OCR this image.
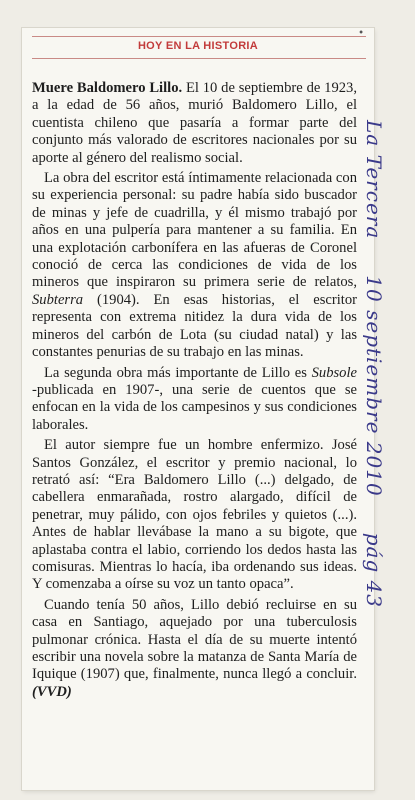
HOY EN LA HISTORIA
•

Muere Baldomero Lillo. El 10 de septiembre de 1923, a la edad de 56 años, murió Baldomero Lillo, el cuentista chileno que pasaría a formar parte del conjunto más valorado de escritores nacionales por su aporte al género del realismo social.

La obra del escritor está íntimamente relacionada con su experiencia personal: su padre había sido buscador de minas y jefe de cuadrilla, y él mismo trabajó por años en una pulpería para mantener a su familia. En una explotación carbonífera en las afueras de Coronel conoció de cerca las condiciones de vida de los mineros que inspiraron su primera serie de relatos, Subterra (1904). En esas historias, el escritor representa con extrema nitidez la dura vida de los mineros del carbón de Lota (su ciudad natal) y las constantes penurias de su trabajo en las minas.

La segunda obra más importante de Lillo es Subsole -publicada en 1907-, una serie de cuentos que se enfocan en la vida de los campesinos y sus condiciones laborales.

El autor siempre fue un hombre enfermizo. José Santos González, el escritor y premio nacional, lo retrató así: “Era Baldomero Lillo (...) delgado, de cabellera enmarañada, rostro alargado, difícil de penetrar, muy pálido, con ojos febriles y quietos (...). Antes de hablar llevábase la mano a su bigote, que aplastaba contra el labio, corriendo los dedos hasta las comisuras. Mientras lo hacía, iba ordenando sus ideas. Y comenzaba a oírse su voz un tanto opaca”.

Cuando tenía 50 años, Lillo debió recluirse en su casa en Santiago, aquejado por una tuberculosis pulmonar crónica. Hasta el día de su muerte intentó escribir una novela sobre la matanza de Santa María de Iquique (1907) que, finalmente, nunca llegó a concluir. (VVD)

La Tercera10 septiembre 2010pág 43
